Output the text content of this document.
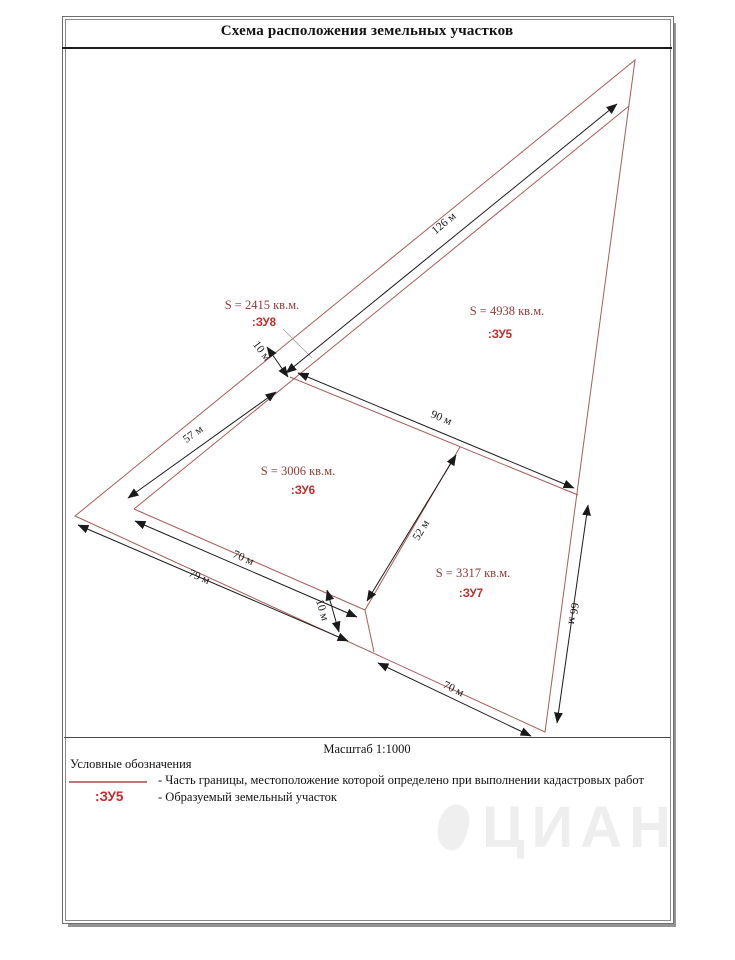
Схема расположения земельных участков
126 м
57 м
10 м
90 м
52 м
70 м
79 м
10 м	66 м
70 м
S = 2415 кв.м.
:ЗУ8
S = 4938 кв.м.
:ЗУ5
S = 3006 кв.м.
:ЗУ6
S = 3317 кв.м.
:ЗУ7
Масштаб 1:1000
Условные обозначения
- Часть границы, местоположение которой определено при выполнении кадастровых работ
:ЗУ5	- Образуемый земельный участок
